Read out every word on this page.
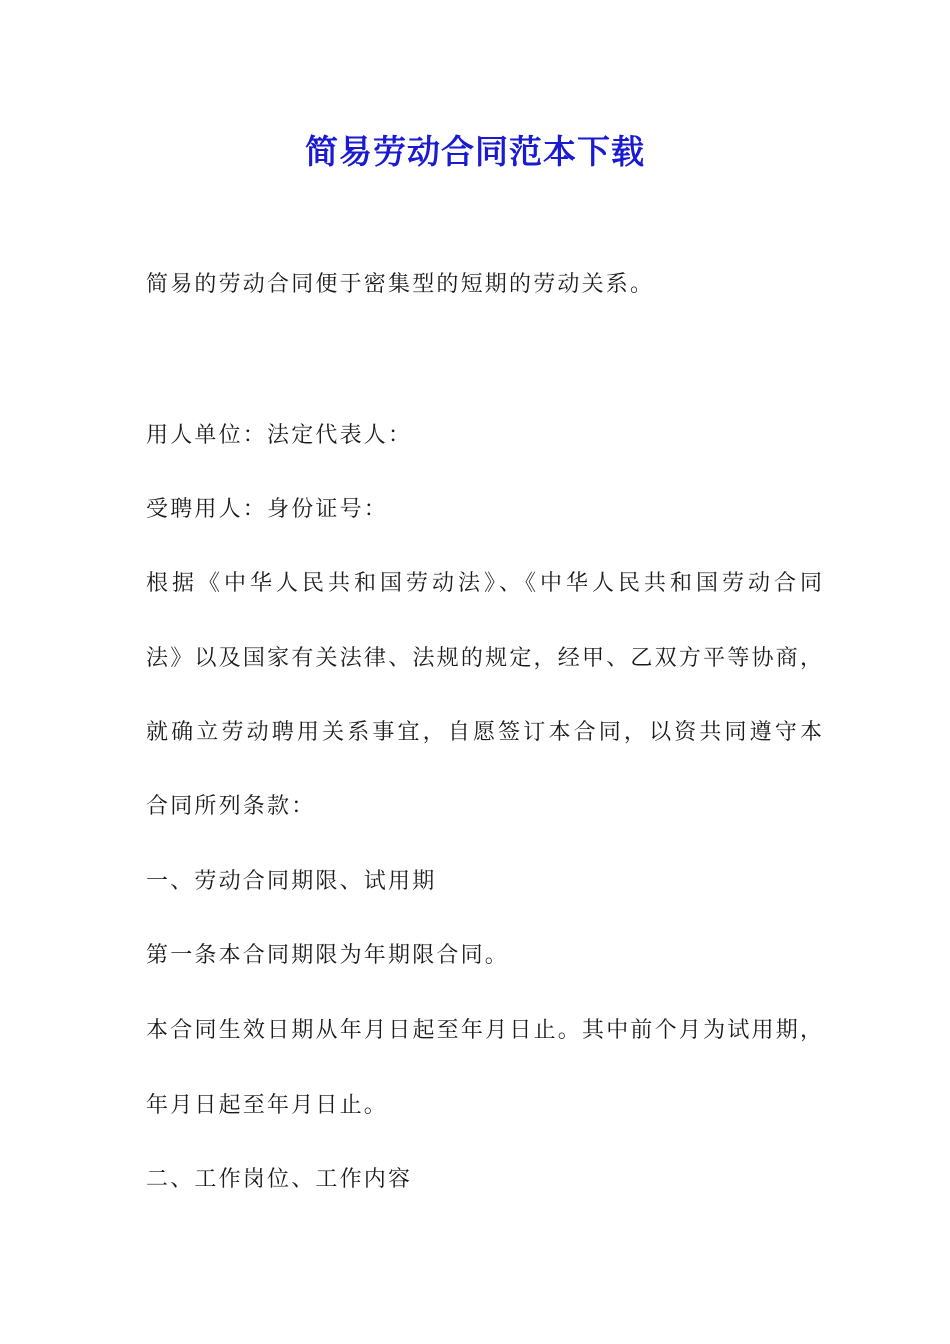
简易劳动合同范本下载

简易的劳动合同便于密集型的短期的劳动关系。

用人单位：法定代表人：

受聘用人：身份证号：

根据《中华人民共和国劳动法》、《中华人民共和国劳动合同

法》以及国家有关法律、法规的规定，经甲、乙双方平等协商，

就确立劳动聘用关系事宜，自愿签订本合同，以资共同遵守本

合同所列条款：

一、劳动合同期限、试用期

第一条本合同期限为年期限合同。

本合同生效日期从年月日起至年月日止。其中前个月为试用期，

年月日起至年月日止。

二、工作岗位、工作内容
